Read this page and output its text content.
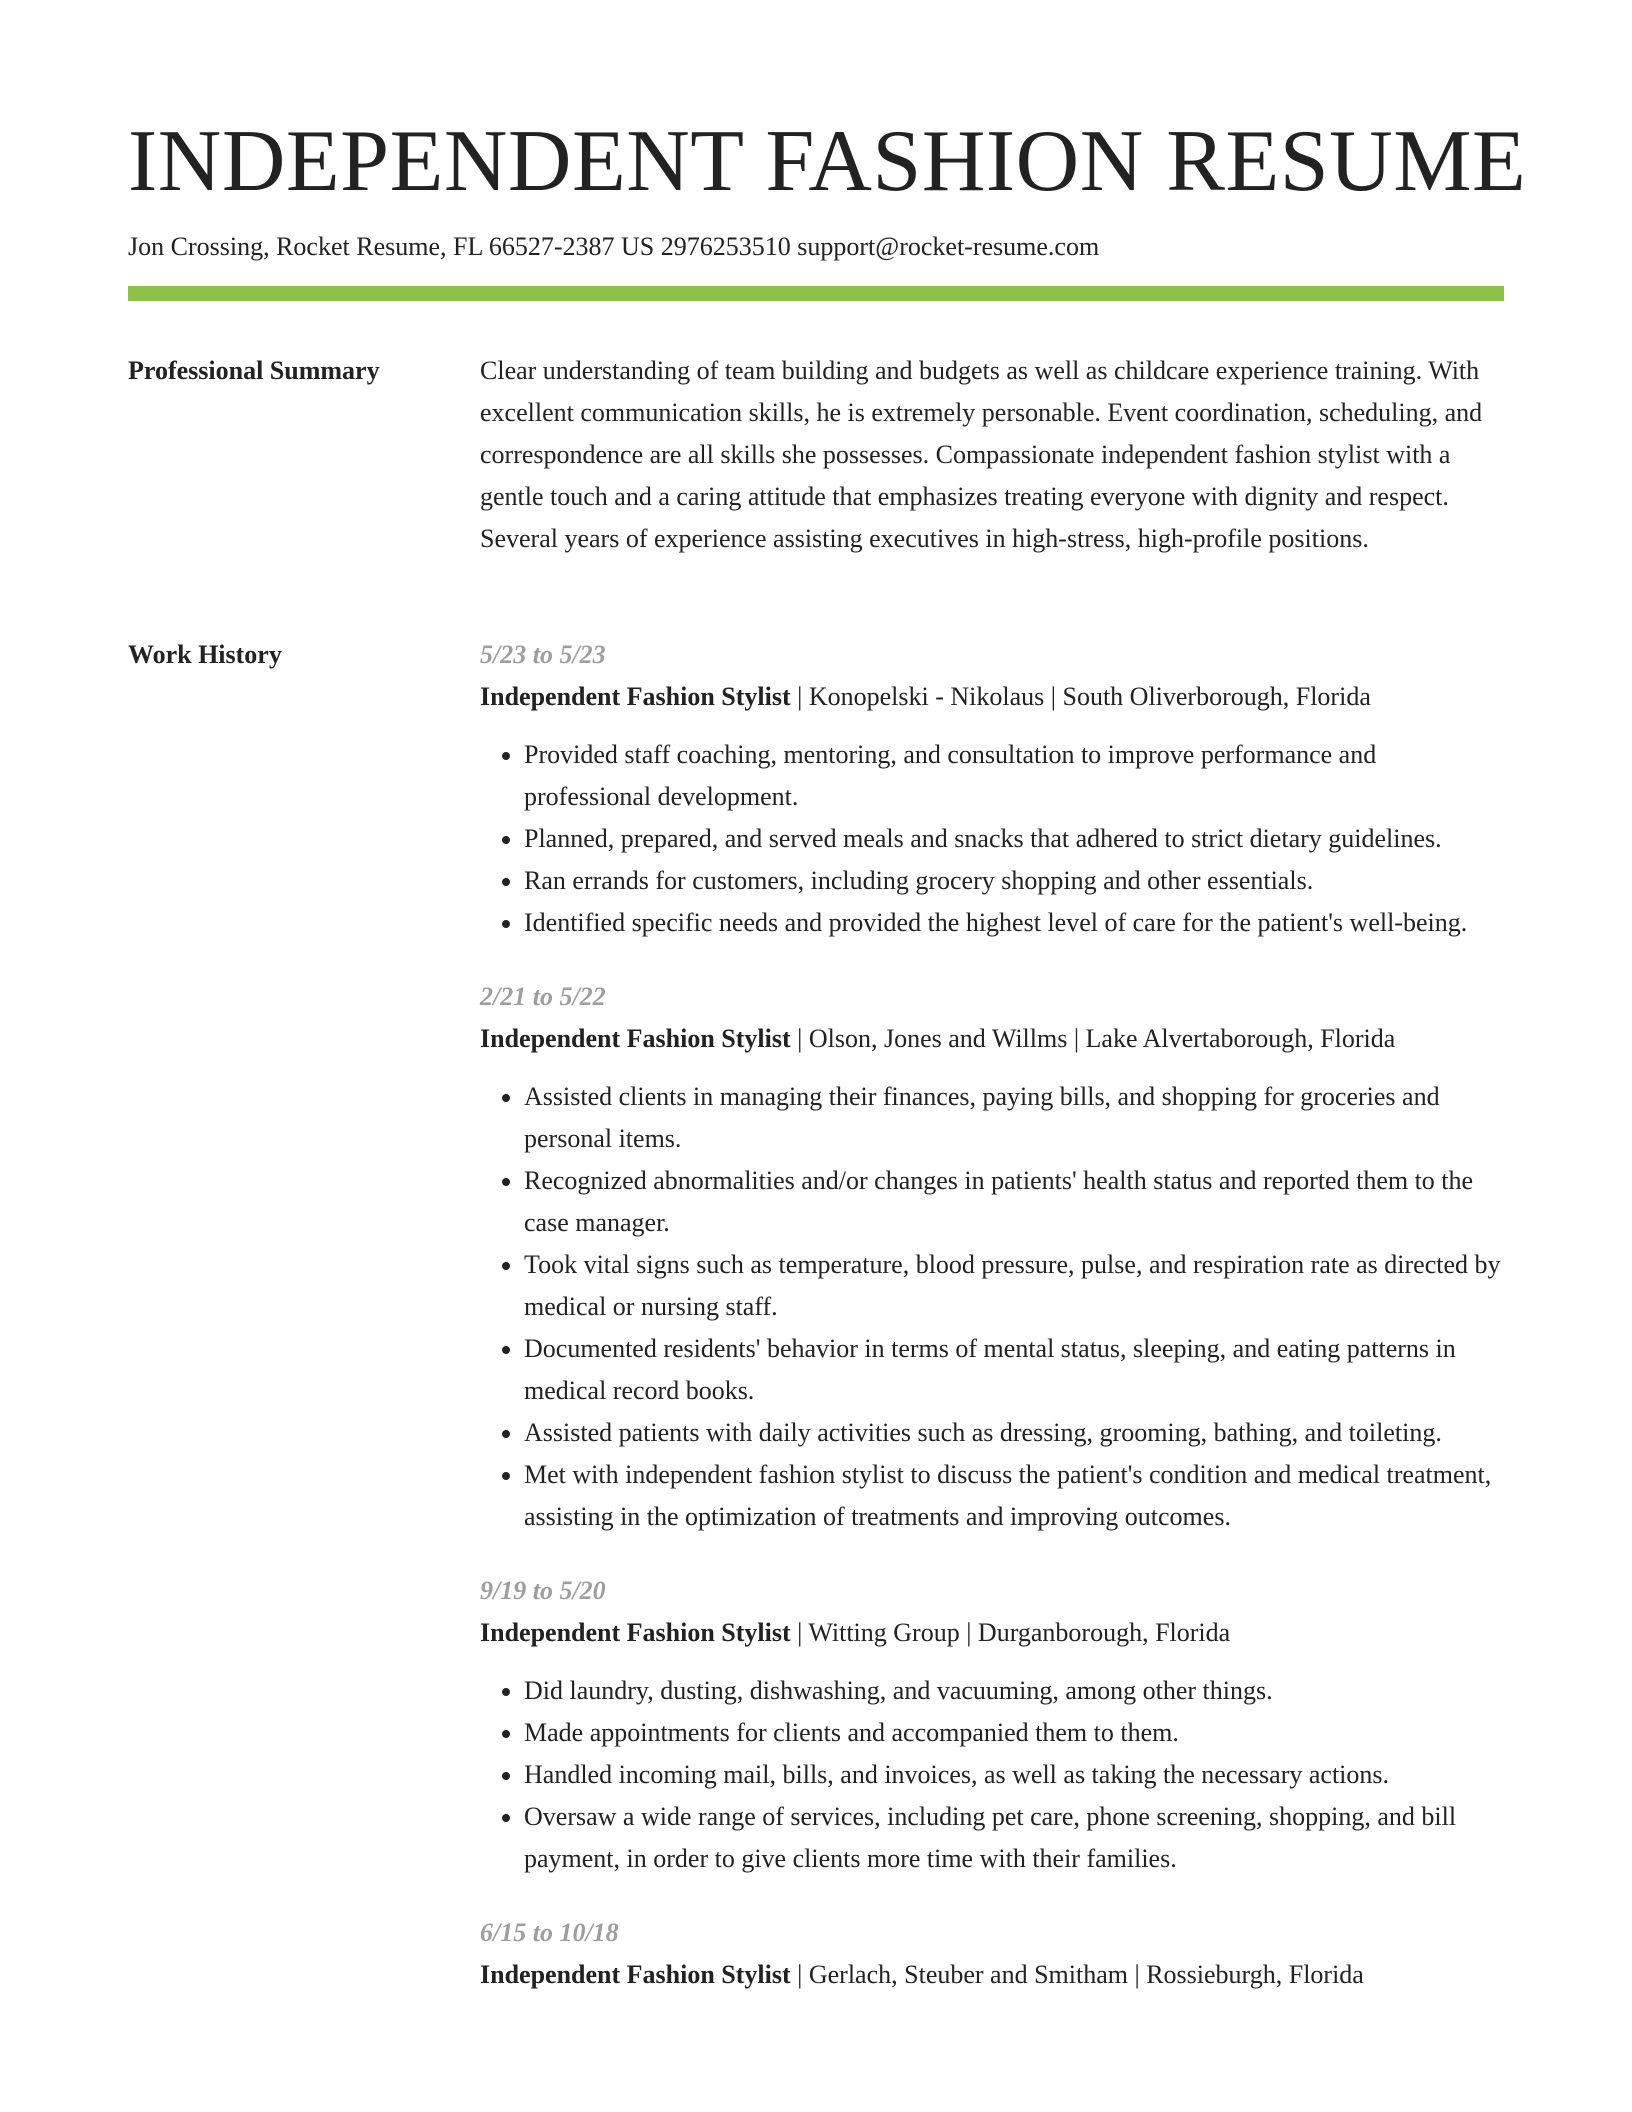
INDEPENDENT FASHION RESUME
Jon Crossing, Rocket Resume, FL 66527-2387 US 2976253510 support@rocket-resume.com
Professional Summary	Clear understanding of team building and budgets as well as childcare experience training. With excellent communication skills, he is extremely personable. Event coordination, scheduling, and correspondence are all skills she possesses. Compassionate independent fashion stylist with a gentle touch and a caring attitude that emphasizes treating everyone with dignity and respect. Several years of experience assisting executives in high-stress, high-profile positions.

Work History	5/23 to 5/23
Independent Fashion Stylist | Konopelski - Nikolaus | South Oliverborough, Florida
• Provided staff coaching, mentoring, and consultation to improve performance and professional development.
• Planned, prepared, and served meals and snacks that adhered to strict dietary guidelines.
• Ran errands for customers, including grocery shopping and other essentials.
• Identified specific needs and provided the highest level of care for the patient's well-being.
2/21 to 5/22
Independent Fashion Stylist | Olson, Jones and Willms | Lake Alvertaborough, Florida
• Assisted clients in managing their finances, paying bills, and shopping for groceries and personal items.
• Recognized abnormalities and/or changes in patients' health status and reported them to the case manager.
• Took vital signs such as temperature, blood pressure, pulse, and respiration rate as directed by medical or nursing staff.
• Documented residents' behavior in terms of mental status, sleeping, and eating patterns in medical record books.
• Assisted patients with daily activities such as dressing, grooming, bathing, and toileting.
• Met with independent fashion stylist to discuss the patient's condition and medical treatment, assisting in the optimization of treatments and improving outcomes.
9/19 to 5/20
Independent Fashion Stylist | Witting Group | Durganborough, Florida
• Did laundry, dusting, dishwashing, and vacuuming, among other things.
• Made appointments for clients and accompanied them to them.
• Handled incoming mail, bills, and invoices, as well as taking the necessary actions.
• Oversaw a wide range of services, including pet care, phone screening, shopping, and bill payment, in order to give clients more time with their families.
6/15 to 10/18
Independent Fashion Stylist | Gerlach, Steuber and Smitham | Rossieburgh, Florida
